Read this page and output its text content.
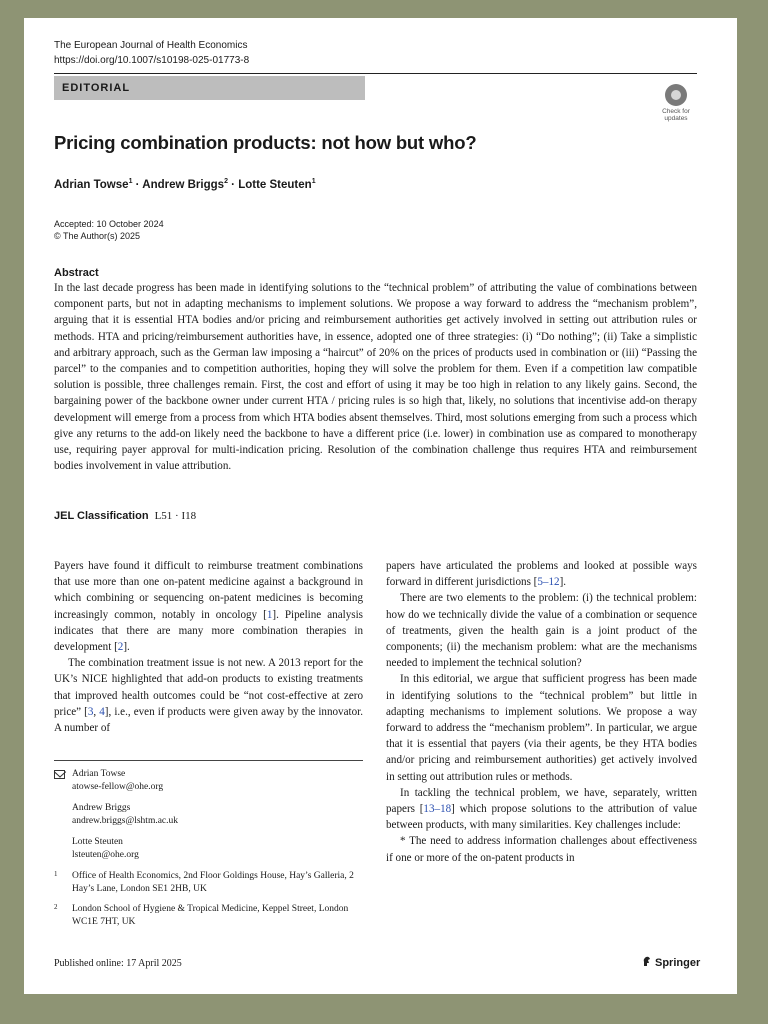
The European Journal of Health Economics
https://doi.org/10.1007/s10198-025-01773-8
EDITORIAL
Check for
updates
Pricing combination products: not how but who?
Adrian Towse$^1$ · Andrew Briggs$^2$ · Lotte Steuten$^1$
Accepted: 10 October 2024
© The Author(s) 2025
Abstract
In the last decade progress has been made in identifying solutions to the “technical problem” of attributing the value of combinations between component parts, but not in adapting mechanisms to implement solutions. We propose a way forward to address the “mechanism problem”, arguing that it is essential HTA bodies and/or pricing and reimbursement authorities get actively involved in setting out attribution rules or methods. HTA and pricing/reimbursement authorities have, in essence, adopted one of three strategies: (i) “Do nothing”; (ii) Take a simplistic and arbitrary approach, such as the German law imposing a “haircut” of 20% on the prices of products used in combination or (iii) “Passing the parcel” to the companies and to competition authorities, hoping they will solve the problem for them. Even if a competition law compatible solution is possible, three challenges remain. First, the cost and effort of using it may be too high in relation to any likely gains. Second, the bargaining power of the backbone owner under current HTA / pricing rules is so high that, likely, no solutions that incentivise add-on therapy development will emerge from a process from which HTA bodies absent themselves. Third, most solutions emerging from such a process which give any returns to the add-on likely need the backbone to have a different price (i.e. lower) in combination use as compared to monotherapy use, requiring payer approval for multi-indication pricing. Resolution of the combination challenge thus requires HTA and reimbursement bodies involvement in value attribution.
JEL Classification L51 · I18

Payers have found it difficult to reimburse treatment combinations that use more than one on-patent medicine against a background in which combining or sequencing on-patent medicines is becoming increasingly common, notably in oncology [1]. Pipeline analysis indicates that there are many more combination therapies in development [2].

The combination treatment issue is not new. A 2013 report for the UK’s NICE highlighted that add-on products to existing treatments that improved health outcomes could be “not cost-effective at zero price” [3, 4], i.e., even if products were given away by the innovator. A number of

Adrian Towse
atowse-fellow@ohe.org
Andrew Briggs
andrew.briggs@lshtm.ac.uk
Lotte Steuten
lsteuten@ohe.org
1 Office of Health Economics, 2nd Floor Goldings House, Hay’s Galleria, 2 Hay’s Lane, London SE1 2HB, UK
2 London School of Hygiene & Tropical Medicine, Keppel Street, London WC1E 7HT, UK

papers have articulated the problems and looked at possible ways forward in different jurisdictions [5–12].

There are two elements to the problem: (i) the technical problem: how do we technically divide the value of a combination or sequence of treatments, given the health gain is a joint product of the components; (ii) the mechanism problem: what are the mechanisms needed to implement the technical solution?

In this editorial, we argue that sufficient progress has been made in identifying solutions to the “technical problem” but little in adapting mechanisms to implement solutions. We propose a way forward to address the “mechanism problem”. In particular, we argue that it is essential that payers (via their agents, be they HTA bodies and/or pricing and reimbursement authorities) get actively involved in setting out attribution rules or methods.

In tackling the technical problem, we have, separately, written papers [13–18] which propose solutions to the attribution of value between products, with many similarities. Key challenges include:

* The need to address information challenges about effectiveness if one or more of the on-patent products in

Published online: 17 April 2025	Springer
